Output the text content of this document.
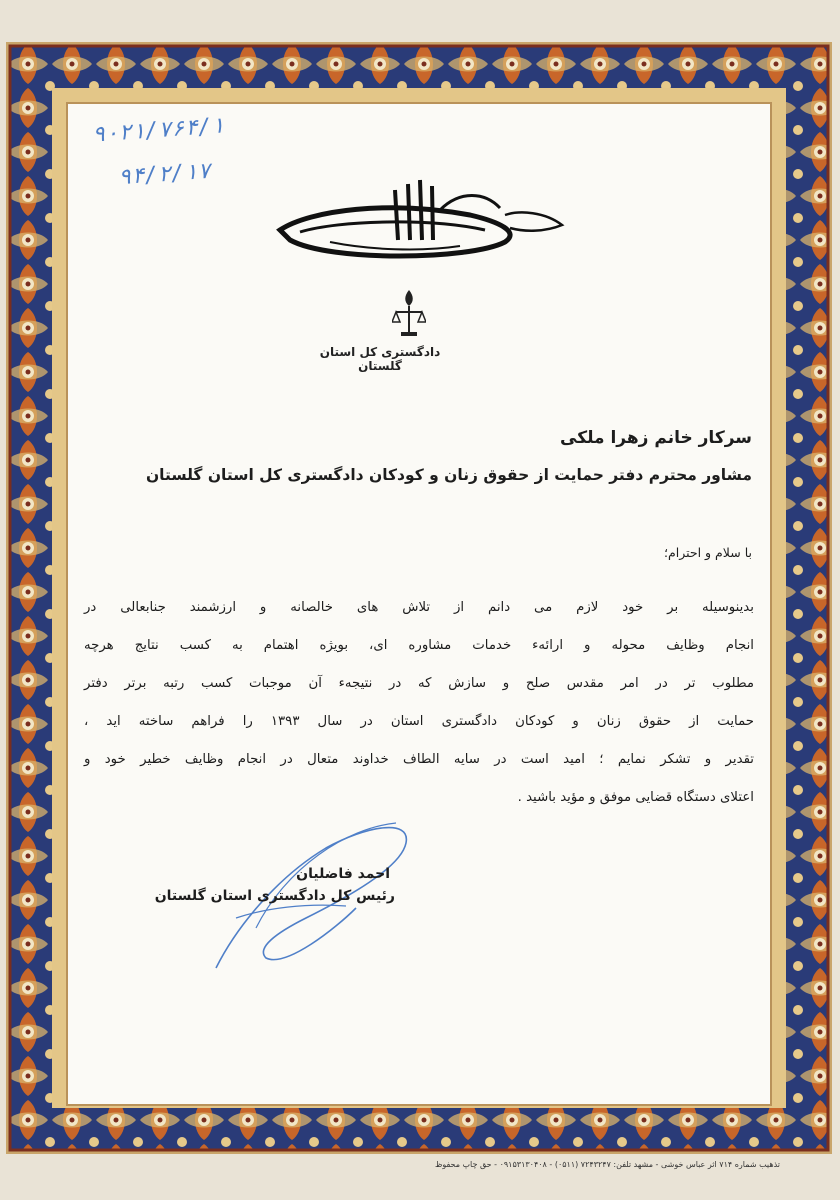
۹۰۲۱/۷۶۴/۱
۹۴/۲/۱۷
دادگستری کل استان گلستان
سرکار خانم زهرا ملکی
مشاور محترم دفتر حمایت از حقوق زنان و کودکان دادگستری کل استان گلستان
با سلام و احترام؛
بدینوسیله بر خود لازم می دانم از تلاش های خالصانه و ارزشمند جنابعالی در
انجام وظایف محوله و ارائهء خدمات مشاوره ای، بویژه اهتمام به کسب نتایج هرچه
مطلوب تر در امر مقدس صلح و سازش که در نتیجهء آن موجبات کسب رتبه برتر دفتر
حمایت از حقوق زنان و کودکان دادگستری استان در سال ۱۳۹۳ را فراهم ساخته اید ،
تقدیر و تشکر نمایم ؛ امید است در سایه الطاف خداوند متعال در انجام وظایف خطیر خود و
اعتلای دستگاه قضایی موفق و مؤید باشید .
احمد فاضلیان
رئیس کل دادگستری استان گلستان
تذهیب شماره ۷۱۴ اثر عباس خوشی - مشهد تلفن: ۷۲۴۳۲۴۷ (۰۵۱۱) - ۰۹۱۵۳۱۳۰۴۰۸ - حق چاپ محفوظ
